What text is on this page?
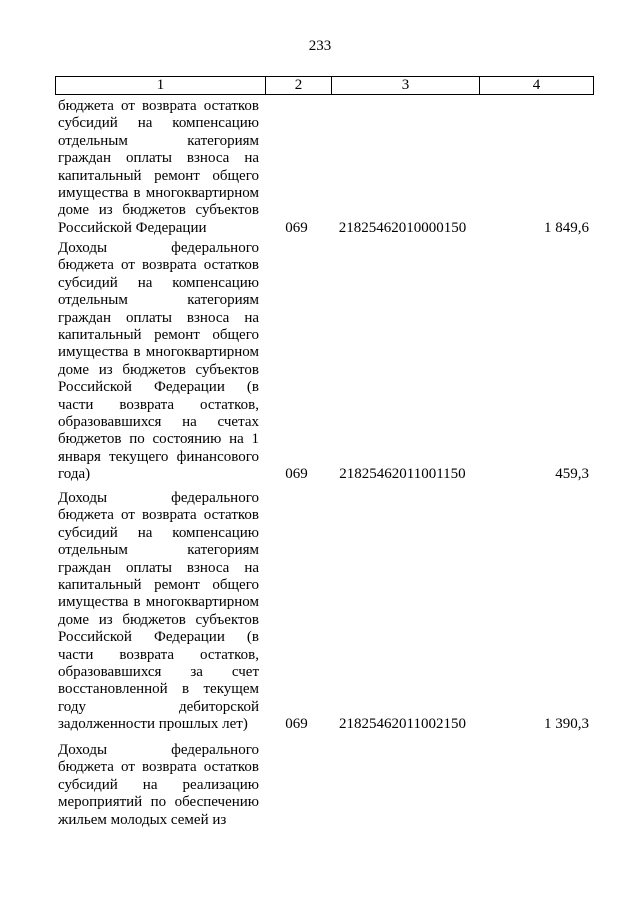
233
1	2	3	4
бюджета от возврата остатков
субсидий на компенсацию
отдельным категориям
граждан оплаты взноса на
капитальный ремонт общего
имущества в многоквартирном
доме из бюджетов субъектов
Российской Федерации	069	21825462010000150	1 849,6
Доходы федерального
бюджета от возврата остатков
субсидий на компенсацию
отдельным категориям
граждан оплаты взноса на
капитальный ремонт общего
имущества в многоквартирном
доме из бюджетов субъектов
Российской Федерации (в
части возврата остатков,
образовавшихся на счетах
бюджетов по состоянию на 1
января текущего финансового
года)	069	21825462011001150	459,3
Доходы федерального
бюджета от возврата остатков
субсидий на компенсацию
отдельным категориям
граждан оплаты взноса на
капитальный ремонт общего
имущества в многоквартирном
доме из бюджетов субъектов
Российской Федерации (в
части возврата остатков,
образовавшихся за счет
восстановленной в текущем
году дебиторской
задолженности прошлых лет)	069	21825462011002150	1 390,3
Доходы федерального
бюджета от возврата остатков
субсидий на реализацию
мероприятий по обеспечению
жильем молодых семей из
